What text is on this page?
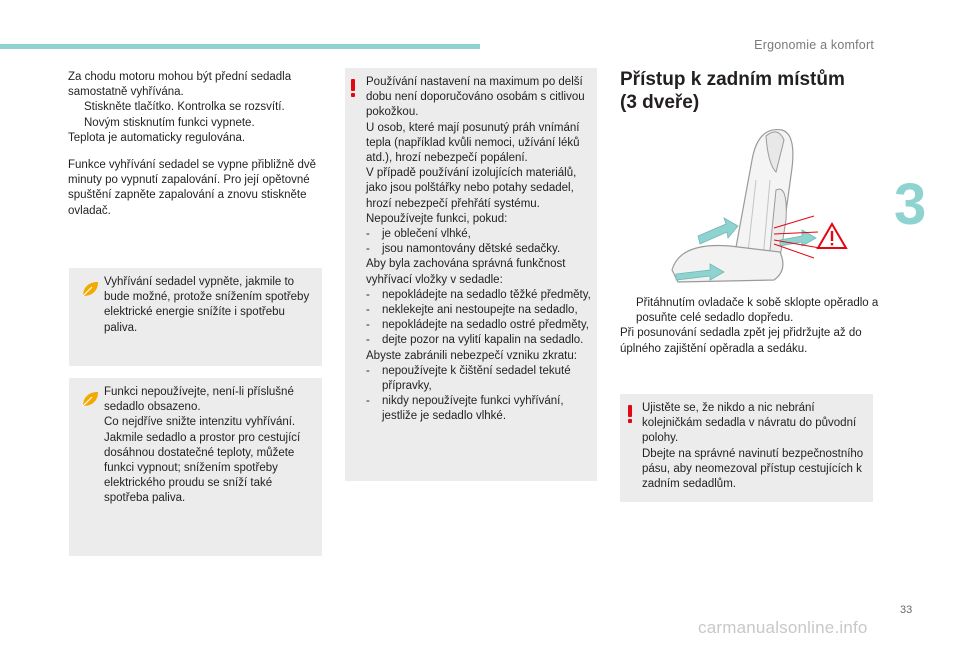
Ergonomie a komfort
3

Za chodu motoru mohou být přední sedadla samostatně vyhřívána.

Stiskněte tlačítko. Kontrolka se rozsvítí.
Novým stisknutím funkci vypnete.

Teplota je automaticky regulována.

Funkce vyhřívání sedadel se vypne přibližně dvě minuty po vypnutí zapalování. Pro její opětovné spuštění zapněte zapalování a znovu stiskněte ovladač.
Vyhřívání sedadel vypněte, jakmile to bude možné, protože snížením spotřeby elektrické energie snížíte i spotřebu paliva.

Funkci nepoužívejte, není-li příslušné sedadlo obsazeno.

Co nejdříve snižte intenzitu vyhřívání.

Jakmile sedadlo a prostor pro cestující dosáhnou dostatečné teploty, můžete funkci vypnout; snížením spotřeby elektrického proudu se sníží také spotřeba paliva.

Používání nastavení na maximum po delší dobu není doporučováno osobám s citlivou pokožkou.

U osob, které mají posunutý práh vnímání tepla (například kvůli nemoci, užívání léků atd.), hrozí nebezpečí popálení.

V případě používání izolujících materiálů, jako jsou polštářky nebo potahy sedadel, hrozí nebezpečí přehřátí systému.

Nepoužívejte funkci, pokud:

-	je oblečení vlhké,
-	jsou namontovány dětské sedačky.

Aby byla zachována správná funkčnost vyhřívací vložky v sedadle:

-	nepokládejte na sedadlo těžké předměty,
-	neklekejte ani nestoupejte na sedadlo,
-	nepokládejte na sedadlo ostré předměty,
-	dejte pozor na vylití kapalin na sedadlo.

Abyste zabránili nebezpečí vzniku zkratu:

-	nepoužívejte k čištění sedadel tekuté přípravky,
-	nikdy nepoužívejte funkci vyhřívání, jestliže je sedadlo vlhké.
Přístup k zadním místům
(3 dveře)
Přitáhnutím ovladače k sobě sklopte opěradlo a posuňte celé sedadlo dopředu.

Při posunování sedadla zpět jej přidržujte až do úplného zajištění opěradla a sedáku.

Ujistěte se, že nikdo a nic nebrání kolejničkám sedadla v návratu do původní polohy.

Dbejte na správné navinutí bezpečnostního pásu, aby neomezoval přístup cestujících k zadním sedadlům.

33
carmanualsonline.info
